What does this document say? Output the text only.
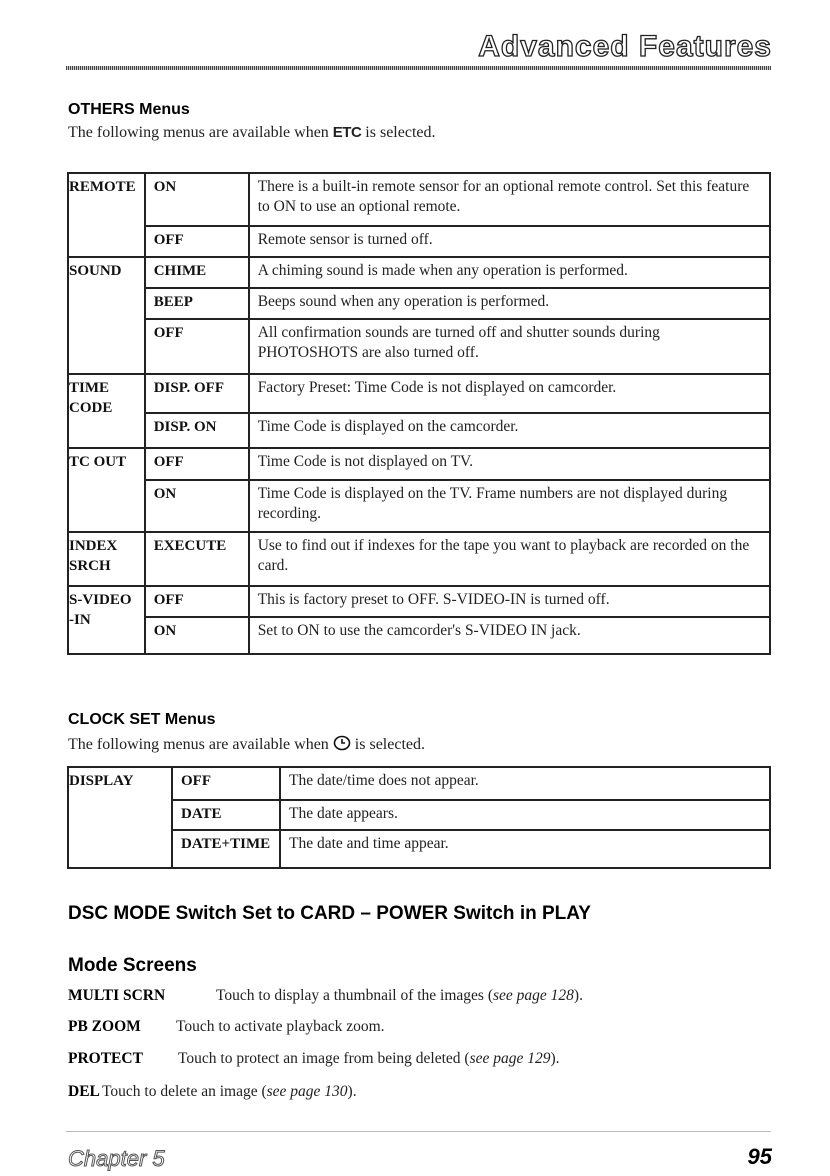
Advanced Features
OTHERS Menus
The following menus are available when ETC is selected.
REMOTE	ON	There is a built-in remote sensor for an optional remote control. Set this feature to ON to use an optional remote.
	OFF	Remote sensor is turned off.
SOUND	CHIME	A chiming sound is made when any operation is performed.
	BEEP	Beeps sound when any operation is performed.
	OFF	All confirmation sounds are turned off and shutter sounds during PHOTOSHOTS are also turned off.
TIME CODE	DISP. OFF	Factory Preset: Time Code is not displayed on camcorder.
	DISP. ON	Time Code is displayed on the camcorder.
TC OUT	OFF	Time Code is not displayed on TV.
	ON	Time Code is displayed on the TV. Frame numbers are not displayed during recording.
INDEX SRCH	EXECUTE	Use to find out if indexes for the tape you want to playback are recorded on the card.
S-VIDEO -IN	OFF	This is factory preset to OFF. S-VIDEO-IN is turned off.
	ON	Set to ON to use the camcorder's S-VIDEO IN jack.
CLOCK SET Menus
The following menus are available when  is selected.
DISPLAY	OFF	The date/time does not appear.
	DATE	The date appears.
	DATE+TIME	The date and time appear.
DSC MODE Switch Set to CARD – POWER Switch in PLAY
Mode Screens
MULTI SCRN	Touch to display a thumbnail of the images (see page 128).
PB ZOOM Touch to activate playback zoom.
PROTECT Touch to protect an image from being deleted (see page 129).
DEL Touch to delete an image (see page 130).
Chapter 5	95
